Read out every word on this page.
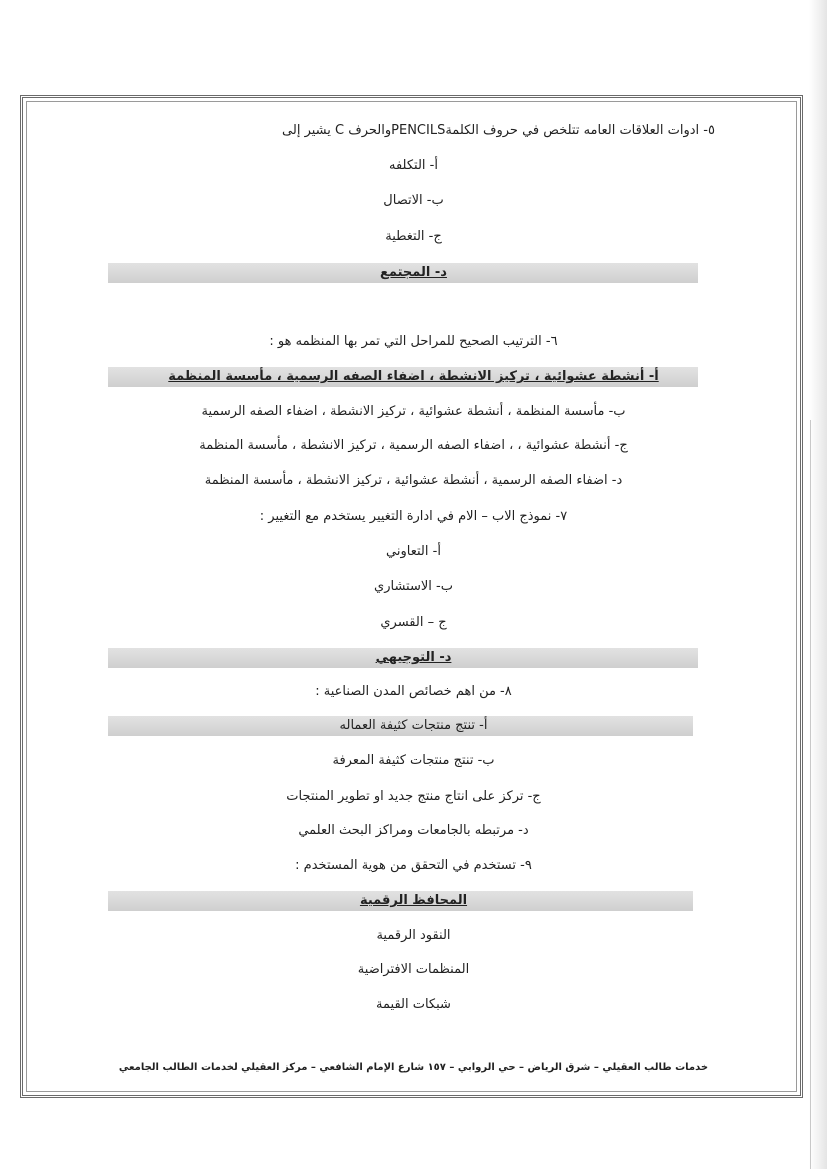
٥- ادوات العلاقات العامه تتلخص في حروف الكلمةPENCILSوالحرف C يشير إلى
أ- التكلفه
ب- الاتصال
ج- التغطية
د- المجتمع
٦- الترتيب الصحيح للمراحل التي تمر بها المنظمه هو :
أ- أنشطة عشوائية ، تركيز الانشطة ، اضفاء الصفه الرسمية ، مأسسة المنظمة
ب- مأسسة المنظمة ، أنشطة عشوائية ، تركيز الانشطة ، اضفاء الصفه الرسمية
ج- أنشطة عشوائية ، ، اضفاء الصفه الرسمية ، تركيز الانشطة ، مأسسة المنظمة
د- اضفاء الصفه الرسمية ، أنشطة عشوائية ، تركيز الانشطة ، مأسسة المنظمة
٧- نموذج الاب – الام في ادارة التغيير يستخدم مع التغيير :
أ- التعاوني
ب- الاستشاري
ج – القسري
د- التوجيهي
٨- من اهم خصائص المدن الصناعية :
أ- تنتج منتجات كثيفة العماله
ب- تنتج منتجات كثيفة المعرفة
ج- تركز على انتاج منتج جديد او تطوير المنتجات
د- مرتبطه بالجامعات ومراكز البحث العلمي
٩- تستخدم في التحقق من هوية المستخدم :
المحافظ الرقمية
النقود الرقمية
المنظمات الافتراضية
شبكات القيمة
خدمات طالب العقيلي – شرق الرياض – حي الروابي – ١٥٧ شارع الإمام الشافعي – مركز العقيلي لخدمات الطالب الجامعي
